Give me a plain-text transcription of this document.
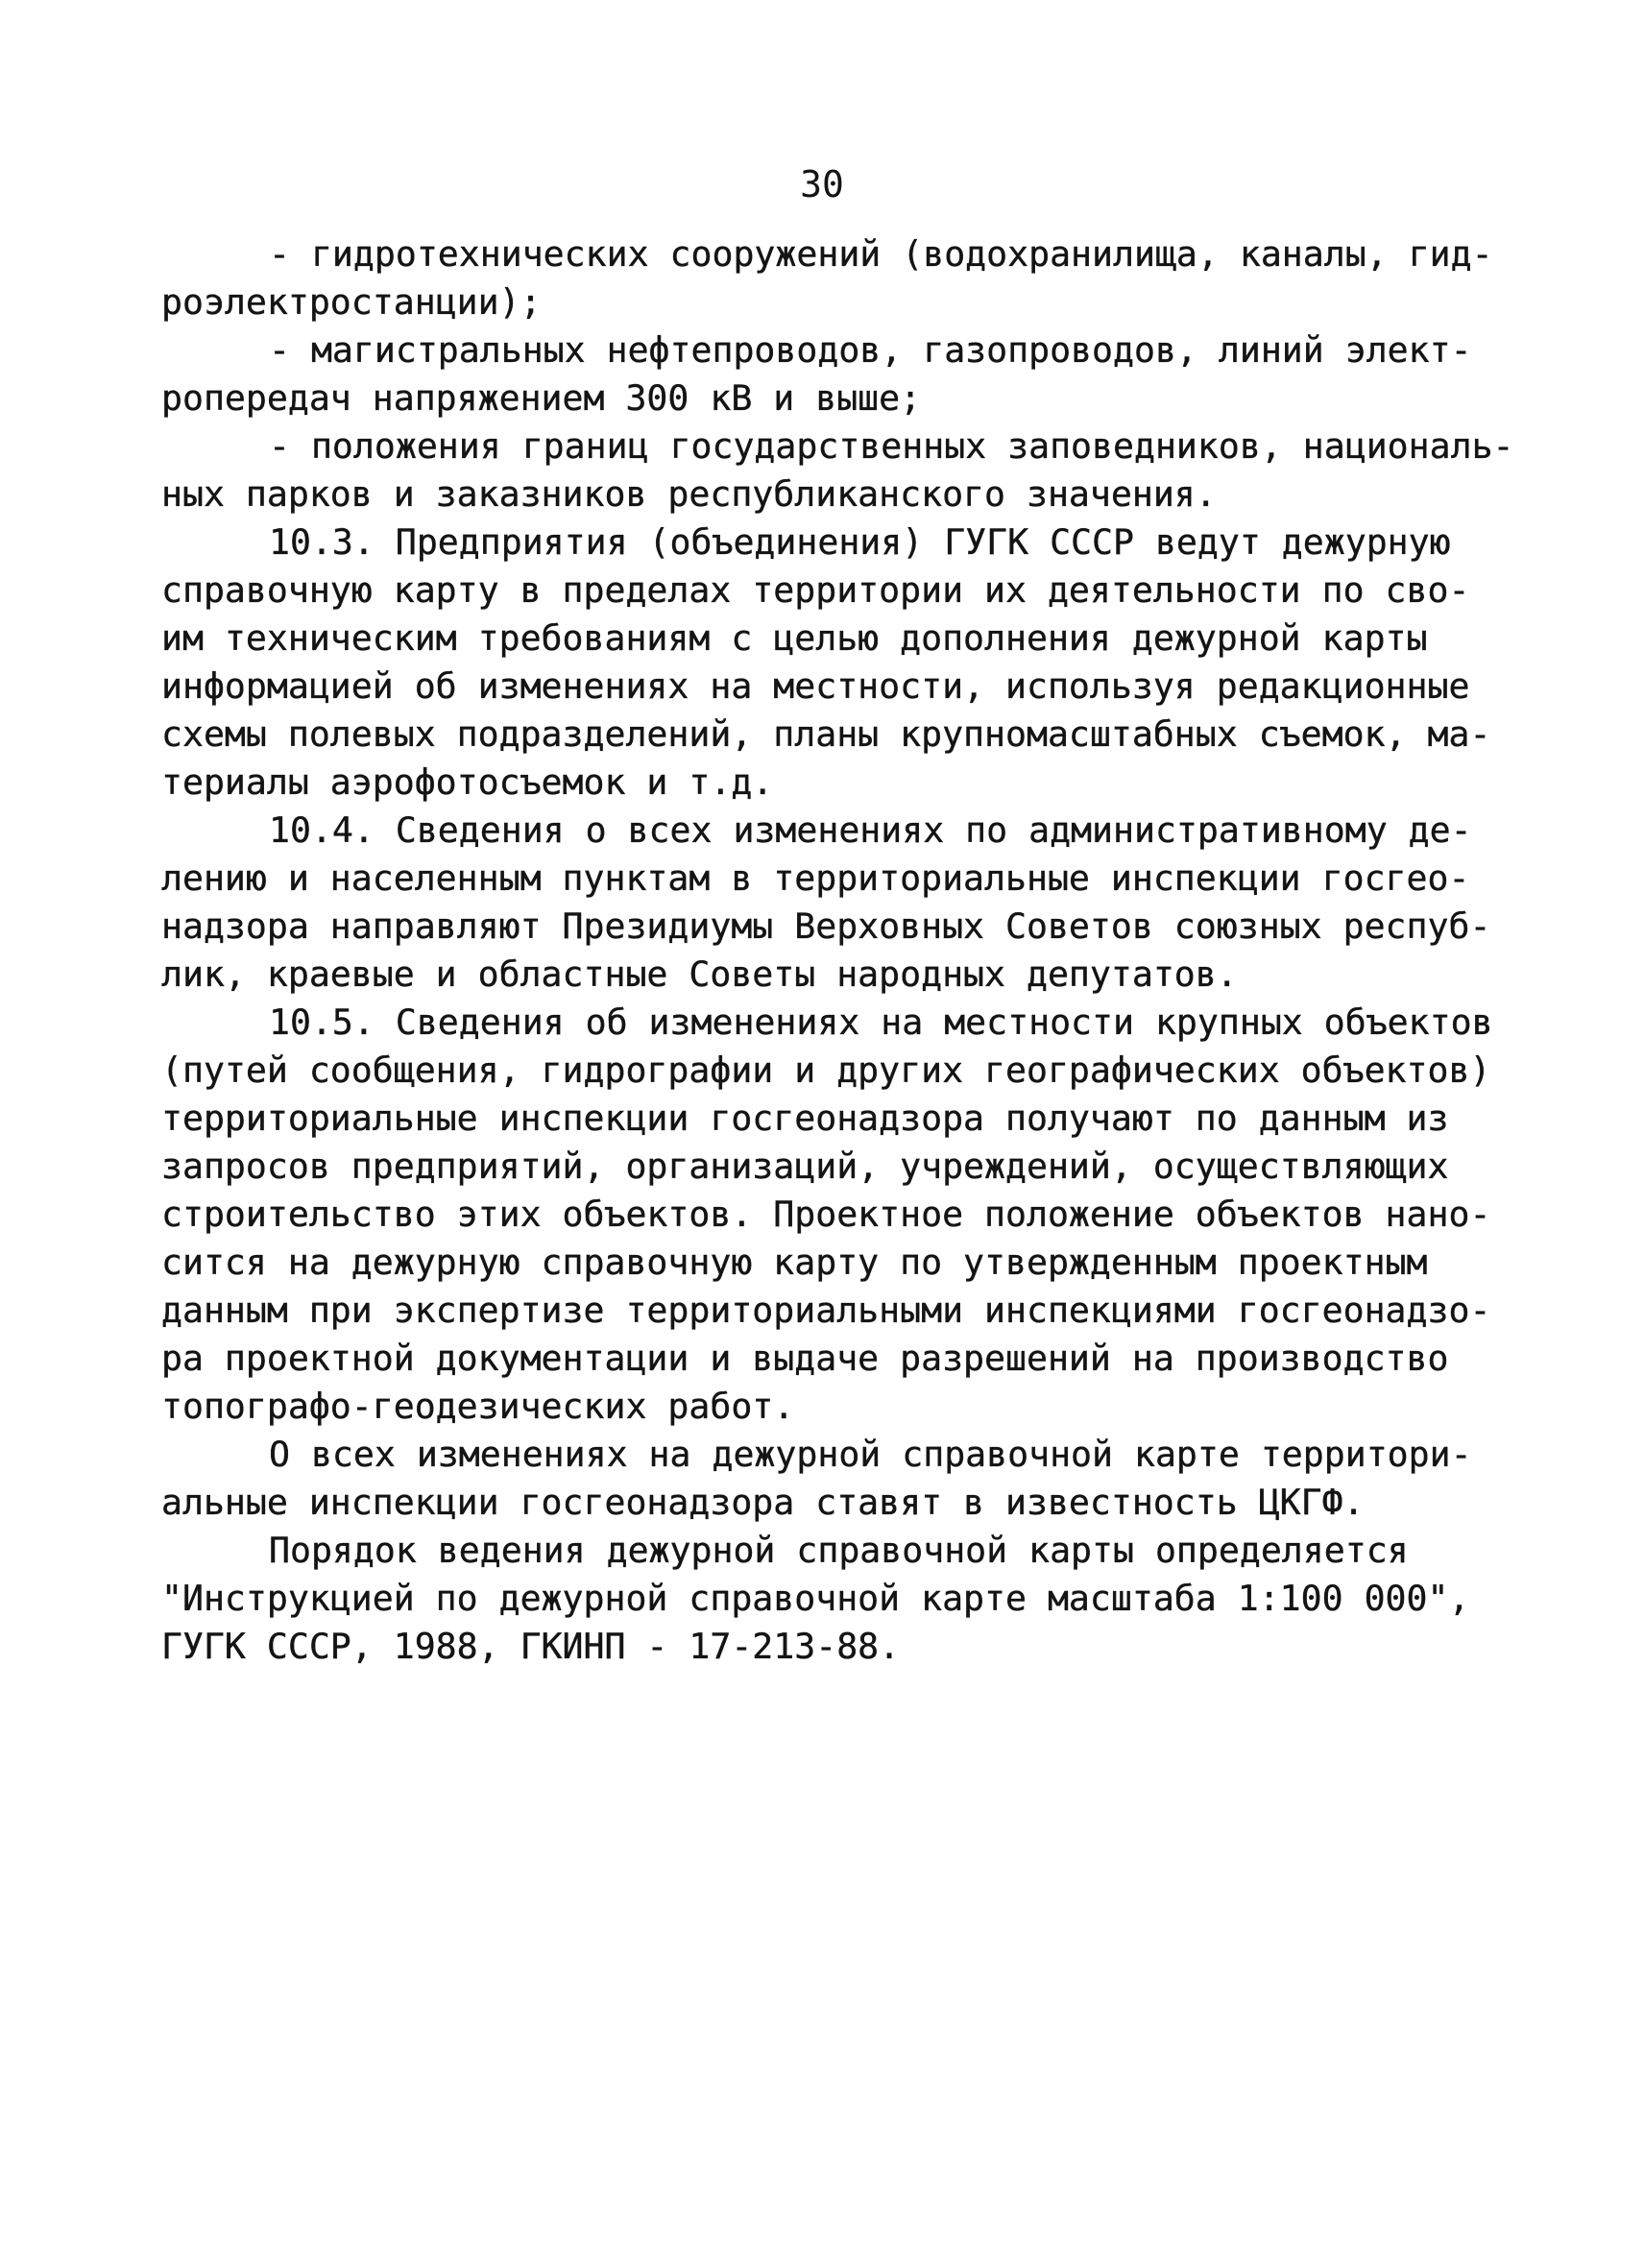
30
- гидротехнических сооружений (водохранилища, каналы, гид-
роэлектростанции);
- магистральных нефтепроводов, газопроводов, линий элект-
ропередач напряжением 300 кВ и выше;
- положения границ государственных заповедников, националь-
ных парков и заказников республиканского значения.
10.3. Предприятия (объединения) ГУГК СССР ведут дежурную
справочную карту в пределах территории их деятельности по сво-
им техническим требованиям с целью дополнения дежурной карты
информацией об изменениях на местности, используя редакционные
схемы полевых подразделений, планы крупномасштабных съемок, ма-
териалы аэрофотосъемок и т.д.
10.4. Сведения о всех изменениях по административному де-
лению и населенным пунктам в территориальные инспекции госгео-
надзора направляют Президиумы Верховных Советов союзных респуб-
лик, краевые и областные Советы народных депутатов.
10.5. Сведения об изменениях на местности крупных объектов
(путей сообщения, гидрографии и других географических объектов)
территориальные инспекции госгеонадзора получают по данным из
запросов предприятий, организаций, учреждений, осуществляющих
строительство этих объектов. Проектное положение объектов нано-
сится на дежурную справочную карту по утвержденным проектным
данным при экспертизе территориальными инспекциями госгеонадзо-
ра проектной документации и выдаче разрешений на производство
топографо-геодезических работ.
О всех изменениях на дежурной справочной карте территори-
альные инспекции госгеонадзора ставят в известность ЦКГФ.
Порядок ведения дежурной справочной карты определяется
"Инструкцией по дежурной справочной карте масштаба 1:100 000",
ГУГК СССР, 1988, ГКИНП - 17-213-88.
